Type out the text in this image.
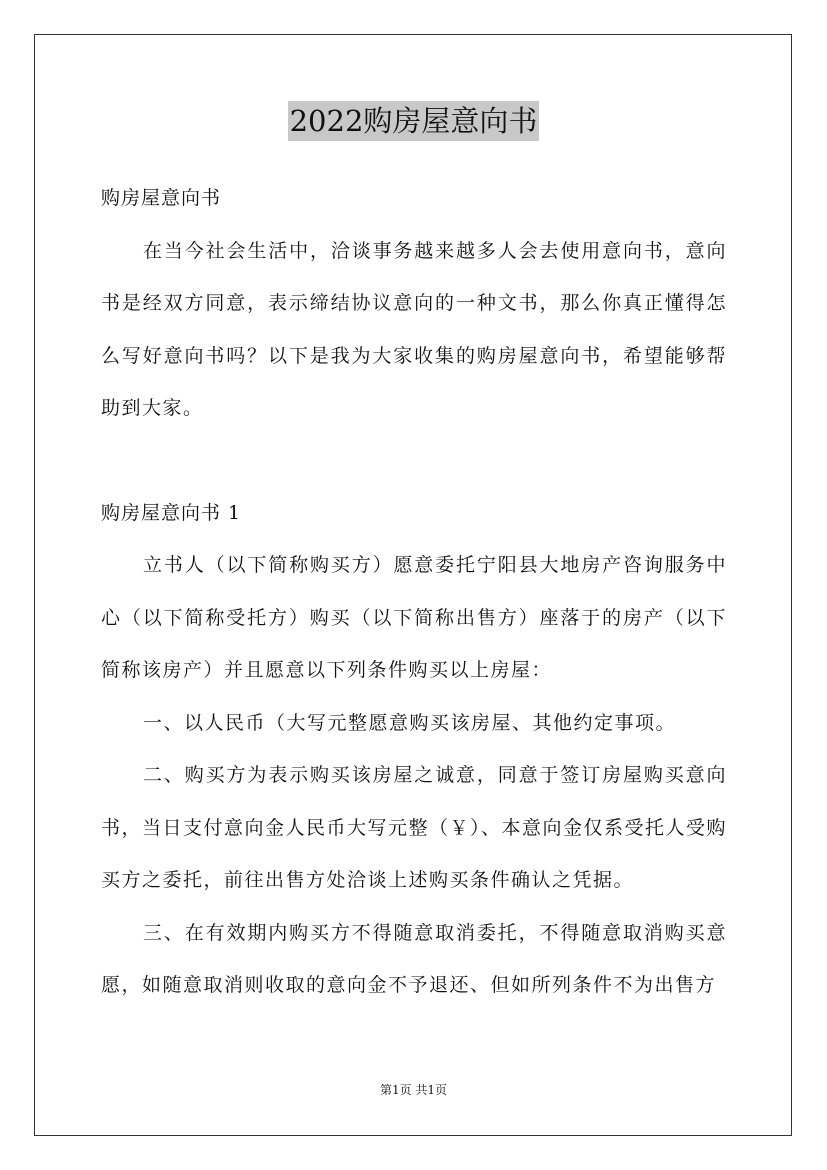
2022购房屋意向书

购房屋意向书

在当今社会生活中，洽谈事务越来越多人会去使用意向书，意向书是经双方同意，表示缔结协议意向的一种文书，那么你真正懂得怎么写好意向书吗？以下是我为大家收集的购房屋意向书，希望能够帮助到大家。

购房屋意向书 1

立书人（以下简称购买方）愿意委托宁阳县大地房产咨询服务中心（以下简称受托方）购买（以下简称出售方）座落于的房产（以下简称该房产）并且愿意以下列条件购买以上房屋：

一、以人民币（大写元整愿意购买该房屋、其他约定事项。

二、购买方为表示购买该房屋之诚意，同意于签订房屋购买意向书，当日支付意向金人民币大写元整（￥）、本意向金仅系受托人受购买方之委托，前往出售方处洽谈上述购买条件确认之凭据。

三、在有效期内购买方不得随意取消委托，不得随意取消购买意愿，如随意取消则收取的意向金不予退还、但如所列条件不为出售方

第1页 共1页
